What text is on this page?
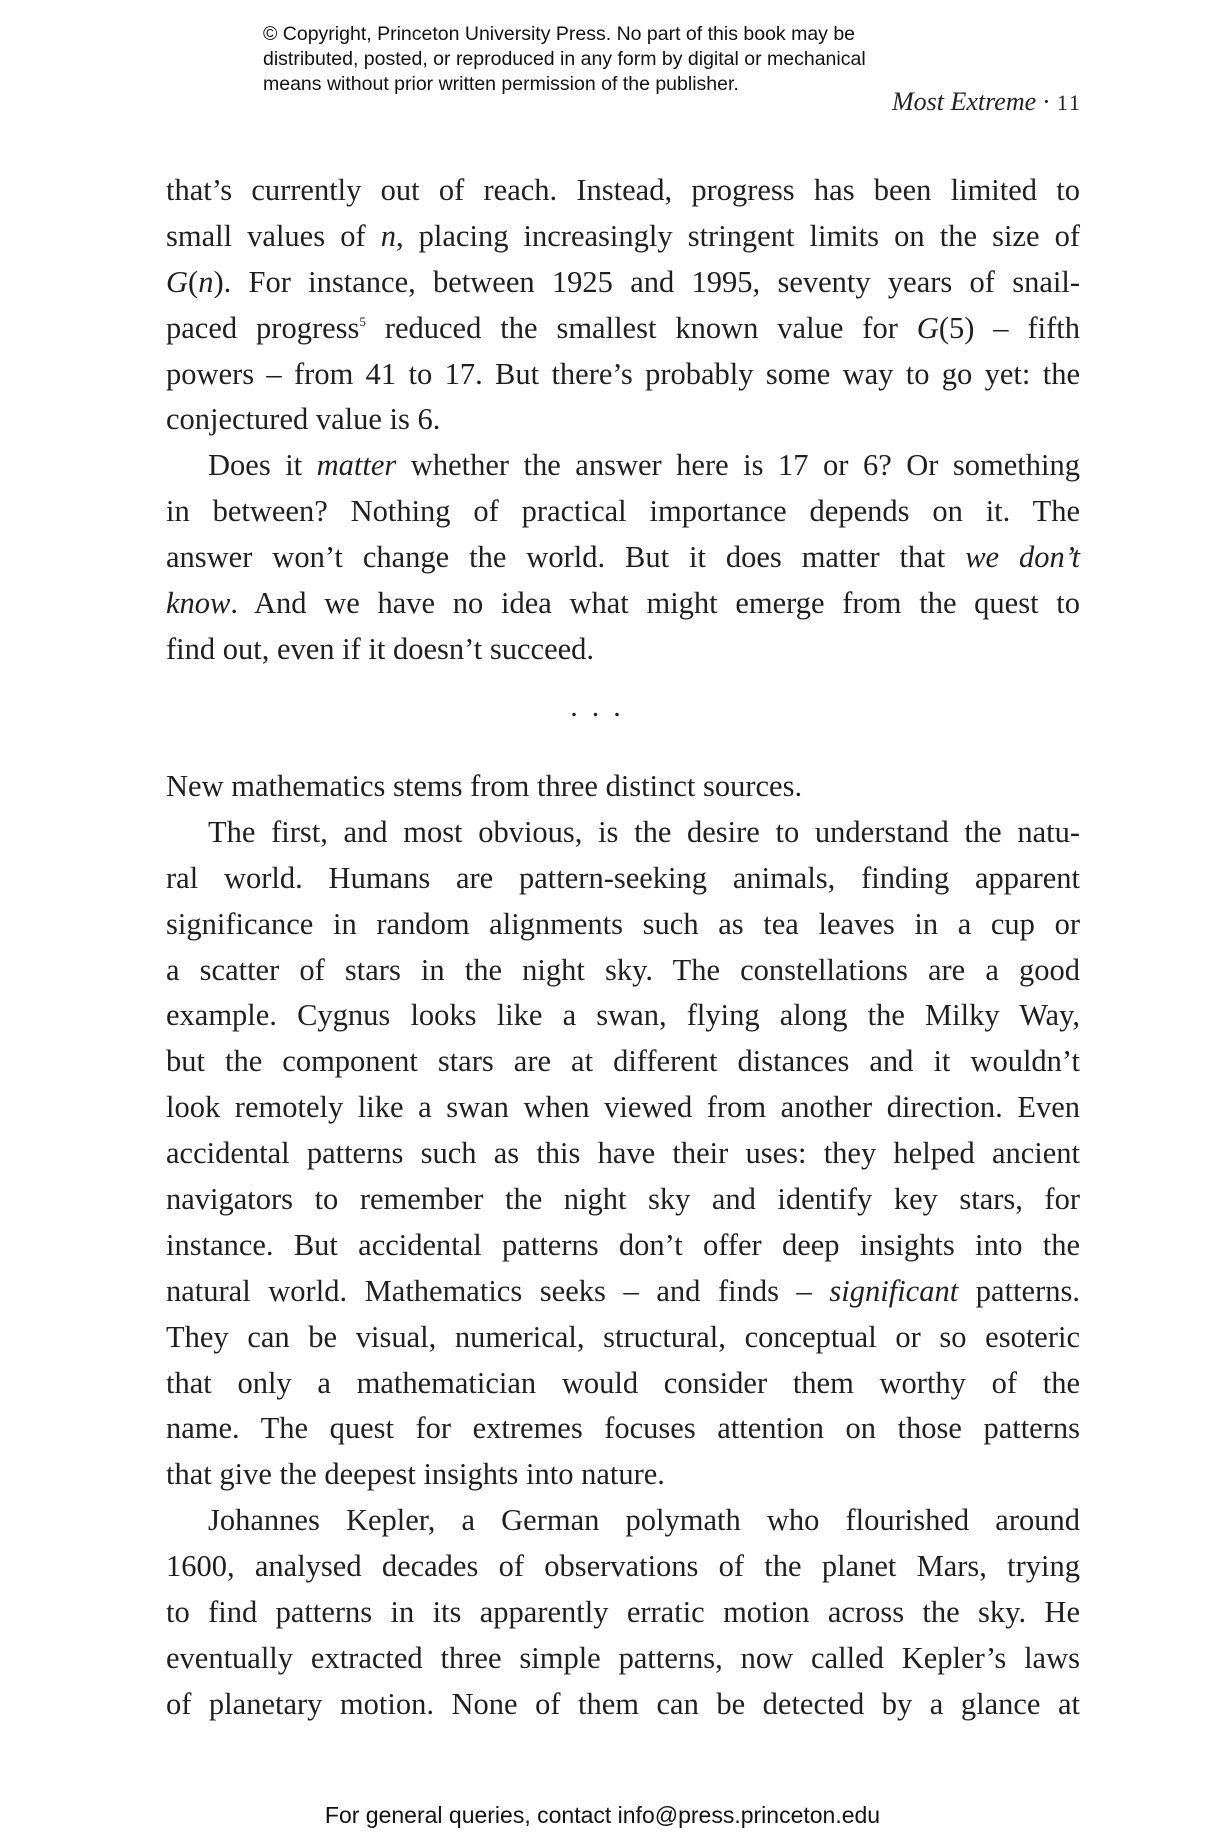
© Copyright, Princeton University Press. No part of this book may be
distributed, posted, or reproduced in any form by digital or mechanical
means without prior written permission of the publisher.
Most Extreme · 11
that’s currently out of reach. Instead, progress has been limited to
small values of n, placing increasingly stringent limits on the size of
G(n). For instance, between 1925 and 1995, seventy years of snail-
paced progress$^5$ reduced the smallest known value for G(5) – fifth
powers – from 41 to 17. But there’s probably some way to go yet: the
conjectured value is 6.
Does it matter whether the answer here is 17 or 6? Or something
in between? Nothing of practical importance depends on it. The
answer won’t change the world. But it does matter that we don’t
know. And we have no idea what might emerge from the quest to
find out, even if it doesn’t succeed.
...
New mathematics stems from three distinct sources.
The first, and most obvious, is the desire to understand the natu-
ral world. Humans are pattern-seeking animals, finding apparent
significance in random alignments such as tea leaves in a cup or
a scatter of stars in the night sky. The constellations are a good
example. Cygnus looks like a swan, flying along the Milky Way,
but the component stars are at different distances and it wouldn’t
look remotely like a swan when viewed from another direction. Even
accidental patterns such as this have their uses: they helped ancient
navigators to remember the night sky and identify key stars, for
instance. But accidental patterns don’t offer deep insights into the
natural world. Mathematics seeks – and finds – significant patterns.
They can be visual, numerical, structural, conceptual or so esoteric
that only a mathematician would consider them worthy of the
name. The quest for extremes focuses attention on those patterns
that give the deepest insights into nature.
Johannes Kepler, a German polymath who flourished around
1600, analysed decades of observations of the planet Mars, trying
to find patterns in its apparently erratic motion across the sky. He
eventually extracted three simple patterns, now called Kepler’s laws
of planetary motion. None of them can be detected by a glance at
For general queries, contact info@press.princeton.edu
